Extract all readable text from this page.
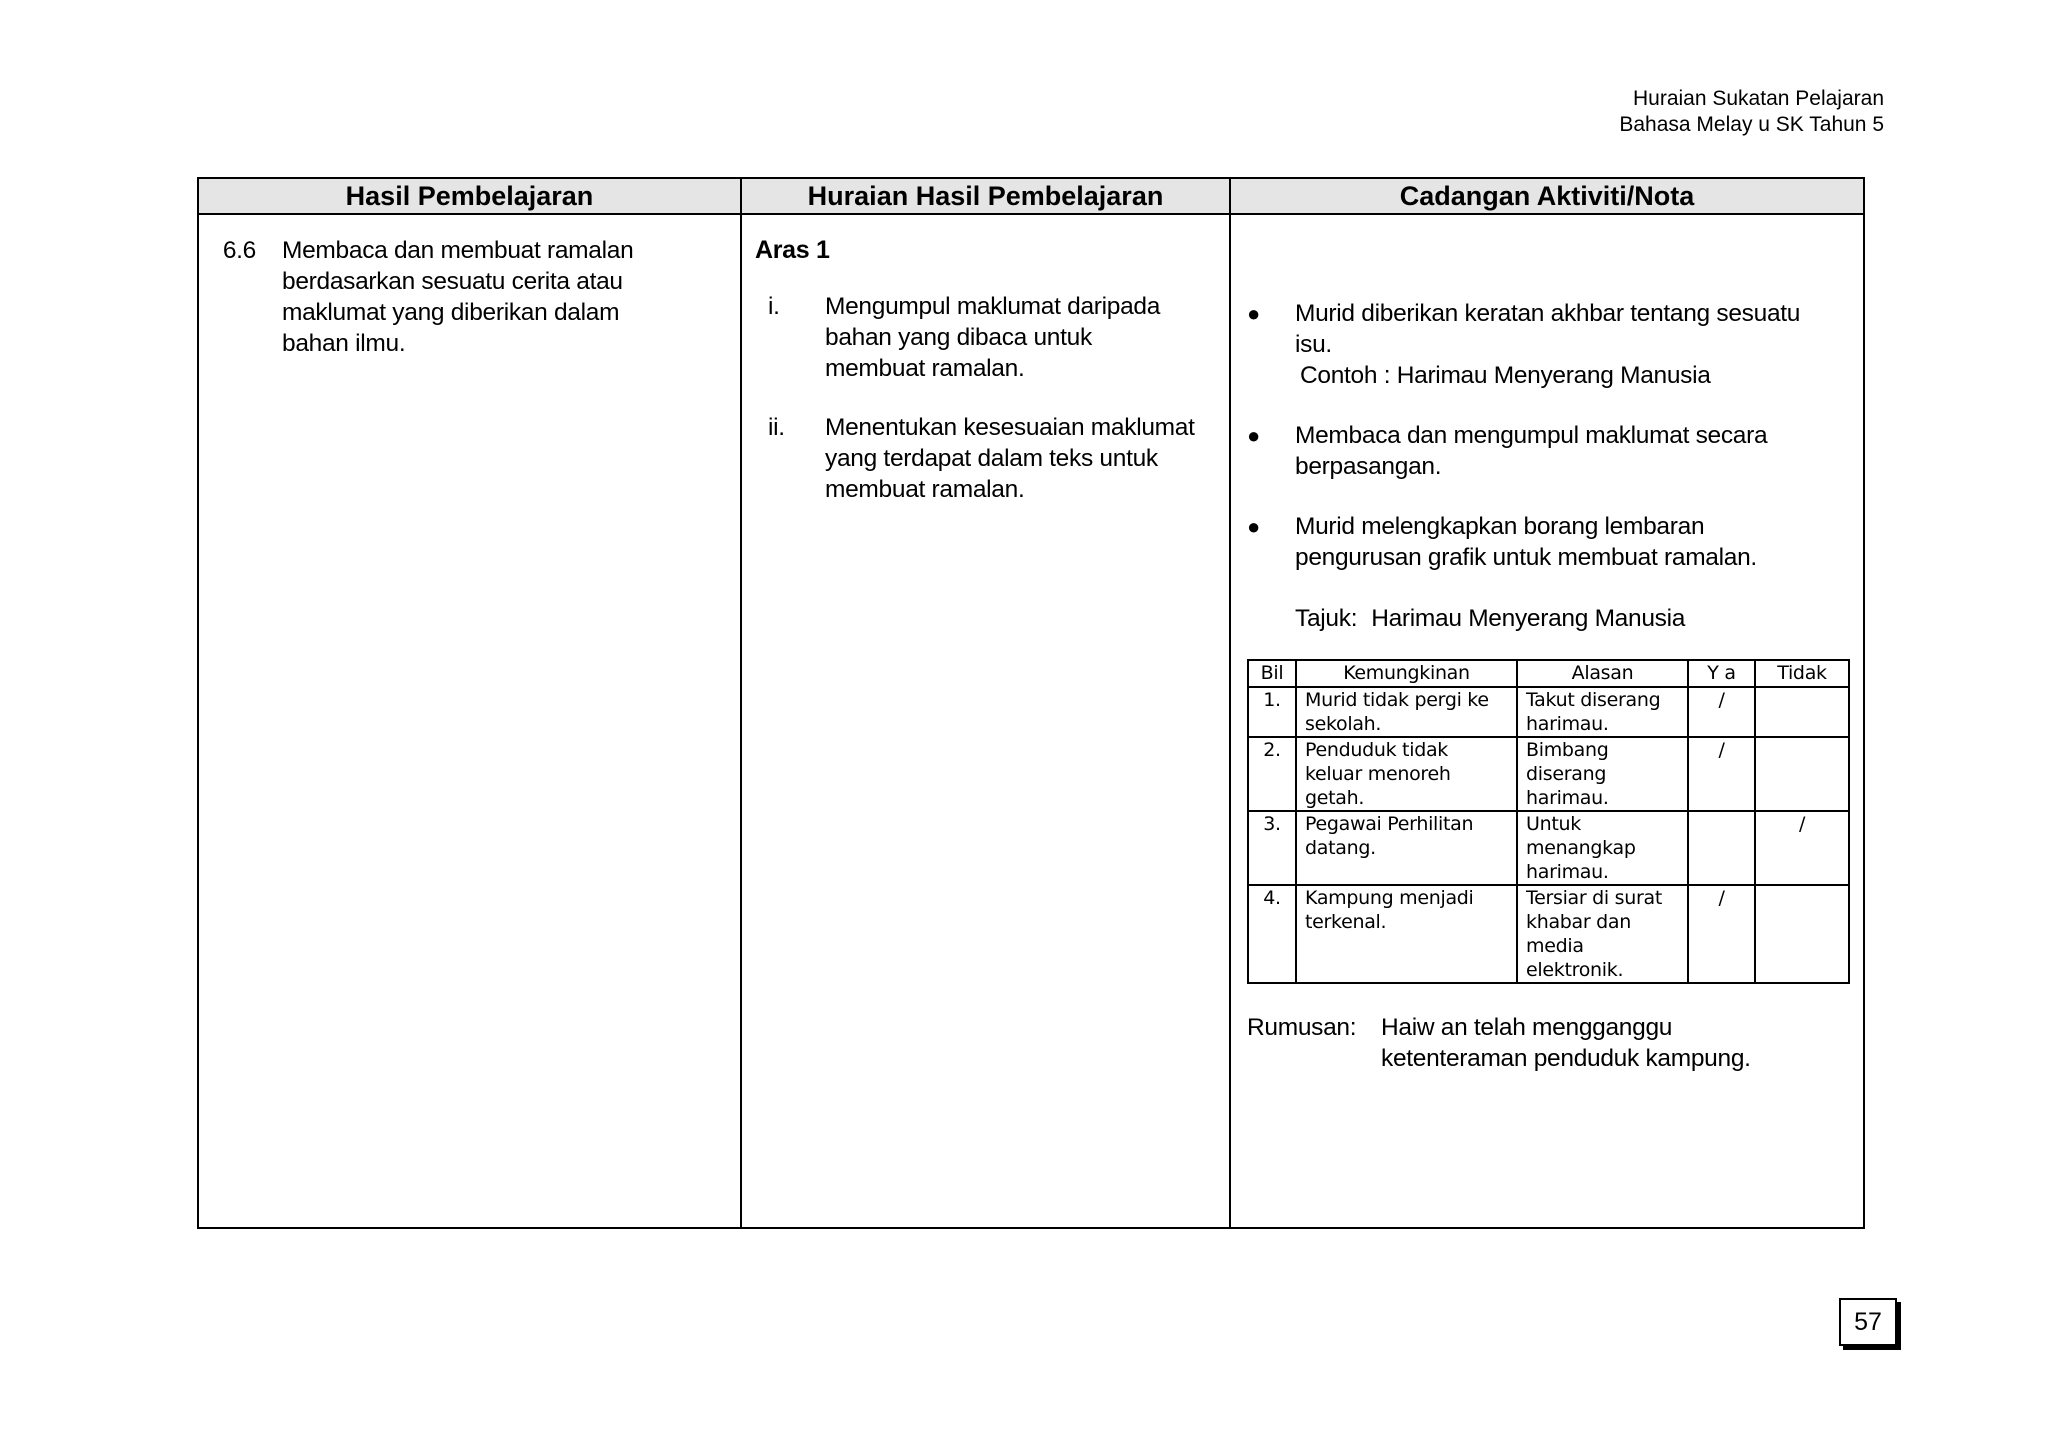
Huraian Sukatan Pelajaran
Bahasa Melay u SK Tahun 5
Hasil Pembelajaran	Huraian Hasil Pembelajaran	Cadangan Aktiviti/Nota

6.6	Membaca dan membuat ramalan berdasarkan sesuatu cerita atau maklumat yang diberikan dalam bahan ilmu.

Aras 1
i.	Mengumpul maklumat daripada bahan yang dibaca untuk membuat ramalan.
ii.	Menentukan kesesuaian maklumat yang terdapat dalam teks untuk membuat ramalan.

●	Murid diberikan keratan akhbar tentang sesuatu isu.
Contoh : Harimau Menyerang Manusia
●	Membaca dan mengumpul maklumat secara berpasangan.
●	Murid melengkapkan borang lembaran pengurusan grafik untuk membuat ramalan.
Tajuk: Harimau Menyerang Manusia
Bil	Kemungkinan	Alasan	Y a	Tidak
1.	Murid tidak pergi ke sekolah.	Takut diserang harimau.	/	
2.	Penduduk tidak keluar menoreh getah.	Bimbang diserang harimau.	/	
3.	Pegawai Perhilitan datang.	Untuk menangkap harimau.		/
4.	Kampung menjadi terkenal.	Tersiar di surat khabar dan media elektronik.	/	
Rumusan:	Haiw an telah mengganggu ketenteraman penduduk kampung.
57
